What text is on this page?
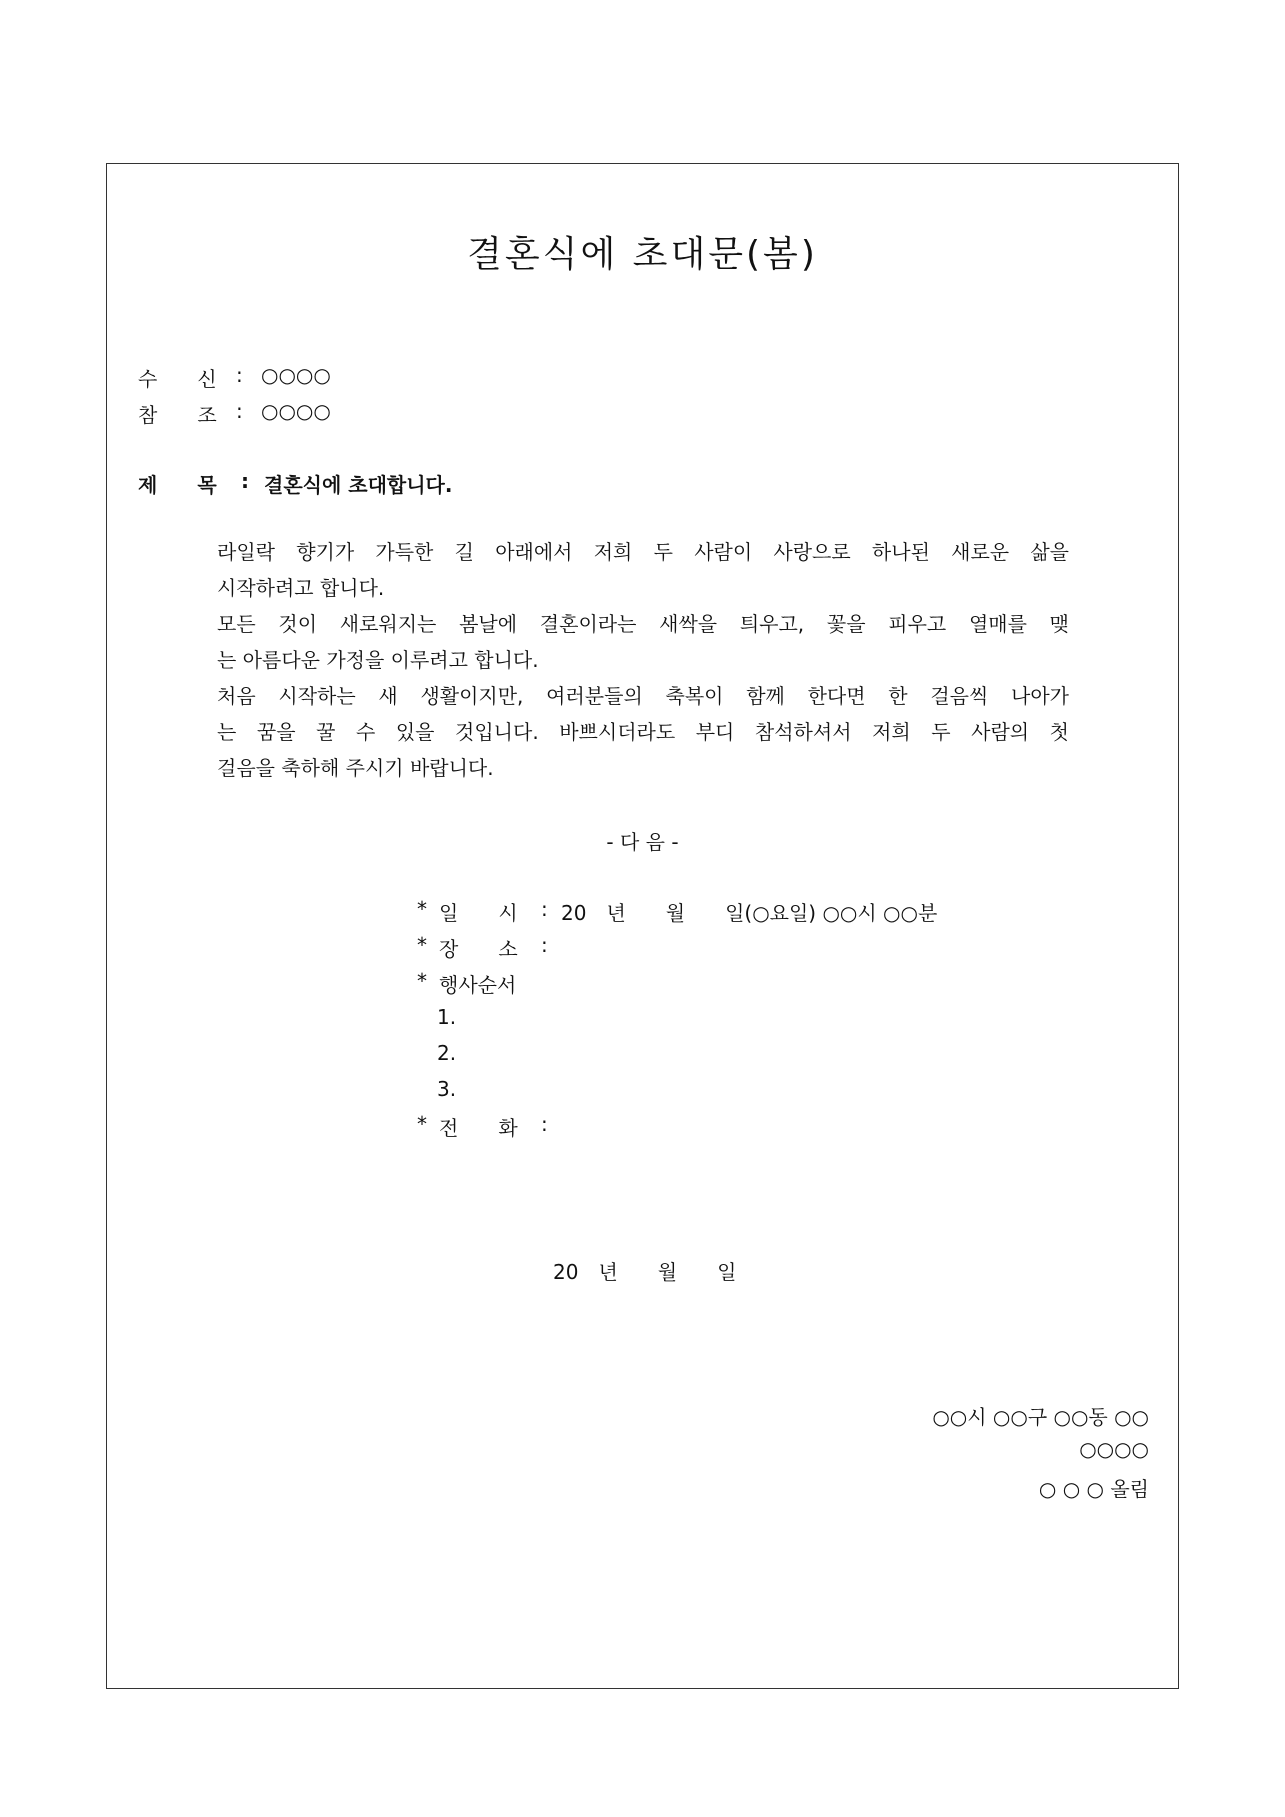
결혼식에 초대문(봄)
수　　신 : ○○○○
참　　조 : ○○○○
제　　목 : 결혼식에 초대합니다.
라일락 향기가 가득한 길 아래에서 저희 두 사람이 사랑으로 하나된 새로운 삶을
시작하려고 합니다.
모든 것이 새로워지는 봄날에 결혼이라는 새싹을 틔우고, 꽃을 피우고 열매를 맺
는 아름다운 가정을 이루려고 합니다.
처음 시작하는 새 생활이지만, 여러분들의 축복이 함께 한다면 한 걸음씩 나아가
는 꿈을 꿀 수 있을 것입니다. 바쁘시더라도 부디 참석하셔서 저희 두 사람의 첫
걸음을 축하해 주시기 바랍니다.
- 다 음 -
* 일　　시 : 20　년　　월　　일(○요일) ○○시 ○○분
* 장　　소 :
* 행사순서
1.
2.
3.
* 전　　화 :
20　년　　월　　일
○○시 ○○구 ○○동 ○○
○○○○
○ ○ ○ 올림
